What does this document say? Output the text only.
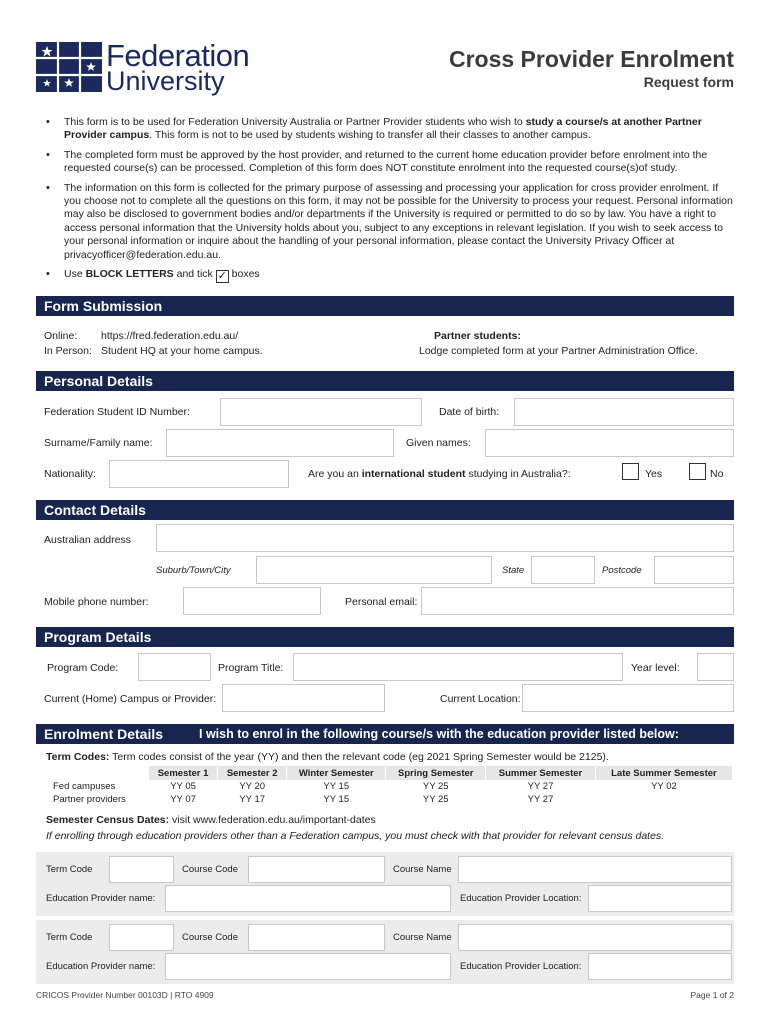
Federation
University
Cross Provider Enrolment
Request form
• This form is to be used for Federation University Australia or Partner Provider students who wish to study a course/s at another Partner Provider campus. This form is not to be used by students wishing to transfer all their classes to another campus.
• The completed form must be approved by the host provider, and returned to the current home education provider before enrolment into the requested course(s) can be processed. Completion of this form does NOT constitute enrolment into the requested course(s)of study.
• The information on this form is collected for the primary purpose of assessing and processing your application for cross provider enrolment. If you choose not to complete all the questions on this form, it may not be possible for the University to process your request. Personal information may also be disclosed to government bodies and/or departments if the University is required or permitted to do so by law. You have a right to access personal information that the University holds about you, subject to any exceptions in relevant legislation. If you wish to seek access to your personal information or inquire about the handling of your personal information, please contact the University Privacy Officer at privacyofficer@federation.edu.au.
• Use BLOCK LETTERS and tick ✓ boxes
Form Submission
Online: https://fred.federation.edu.au/
In Person: Student HQ at your home campus.
Partner students:
Lodge completed form at your Partner Administration Office.
Personal Details
Federation Student ID Number:	Date of birth:
Surname/Family name:	Given names:
Nationality:	Are you an international student studying in Australia?:	Yes	No
Contact Details
Australian address
Suburb/Town/City	State	Postcode
Mobile phone number:	Personal email:
Program Details
Program Code:	Program Title:	Year level:
Current (Home) Campus or Provider:	Current Location:
Enrolment Details	I wish to enrol in the following course/s with the education provider listed below:
Term Codes: Term codes consist of the year (YY) and then the relevant code (eg 2021 Spring Semester would be 2125).
	Semester 1	Semester 2	Winter Semester	Spring Semester	Summer Semester	Late Summer Semester
Fed campuses	YY 05	YY 20	YY 15	YY 25	YY 27	YY 02
Partner providers	YY 07	YY 17	YY 15	YY 25	YY 27	
Semester Census Dates: visit www.federation.edu.au/important-dates
If enrolling through education providers other than a Federation campus, you must check with that provider for relevant census dates.
Term Code	Course Code	Course Name
Education Provider name:	Education Provider Location:
Term Code	Course Code	Course Name
Education Provider name:	Education Provider Location:
CRICOS Provider Number 00103D | RTO 4909	Page 1 of 2
